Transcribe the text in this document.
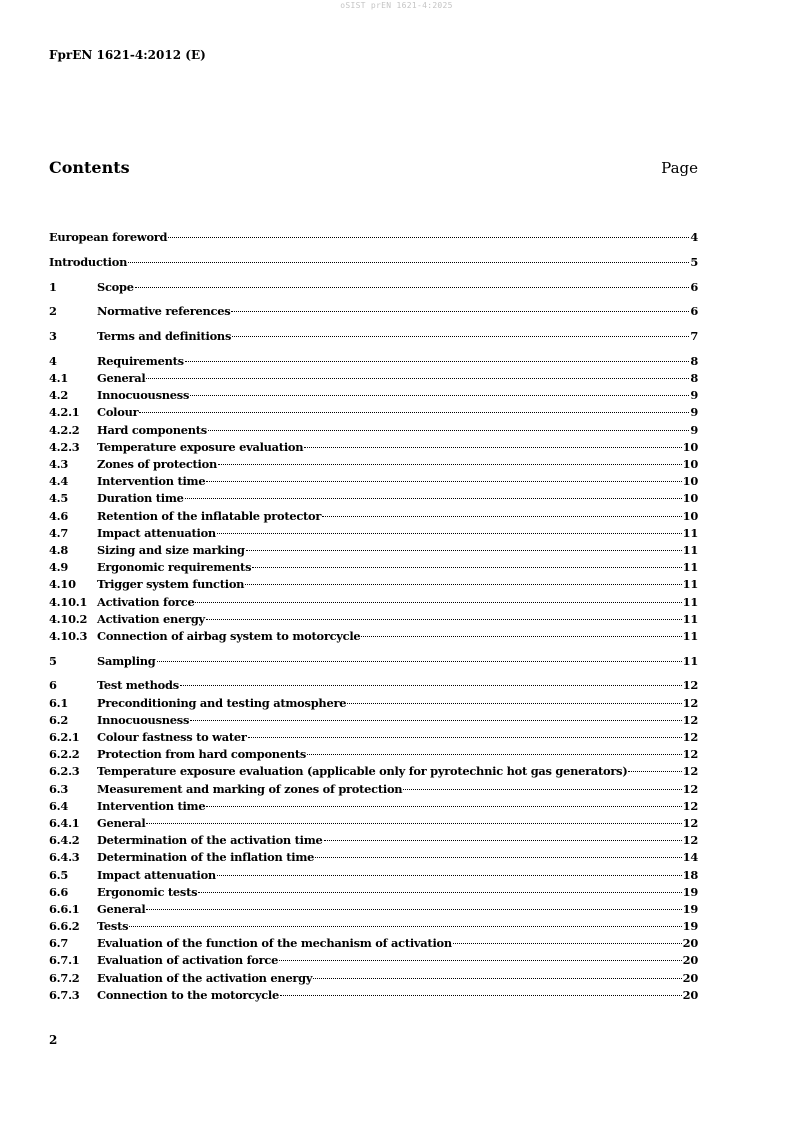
oSIST prEN 1621-4:2025
FprEN 1621-4:2012 (E)
Contents	Page
European foreword	4
Introduction	5
1	Scope	6
2	Normative references	6
3	Terms and definitions	7
4	Requirements	8
4.1	General	8
4.2	Innocuousness	9
4.2.1	Colour	9
4.2.2	Hard components	9
4.2.3	Temperature exposure evaluation	10
4.3	Zones of protection	10
4.4	Intervention time	10
4.5	Duration time	10
4.6	Retention of the inflatable protector	10
4.7	Impact attenuation	11
4.8	Sizing and size marking	11
4.9	Ergonomic requirements	11
4.10	Trigger system function	11
4.10.1 Activation force	11
4.10.2 Activation energy	11
4.10.3 Connection of airbag system to motorcycle	11
5	Sampling	11
6	Test methods	12
6.1	Preconditioning and testing atmosphere	12
6.2	Innocuousness	12
6.2.1	Colour fastness to water	12
6.2.2	Protection from hard components	12
6.2.3	Temperature exposure evaluation (applicable only for pyrotechnic hot gas generators)	12
6.3	Measurement and marking of zones of protection	12
6.4	Intervention time	12
6.4.1	General	12
6.4.2	Determination of the activation time	12
6.4.3	Determination of the inflation time	14
6.5	Impact attenuation	18
6.6	Ergonomic tests	19
6.6.1	General	19
6.6.2	Tests	19
6.7	Evaluation of the function of the mechanism of activation	20
6.7.1	Evaluation of activation force	20
6.7.2	Evaluation of the activation energy	20
6.7.3	Connection to the motorcycle	20
2
